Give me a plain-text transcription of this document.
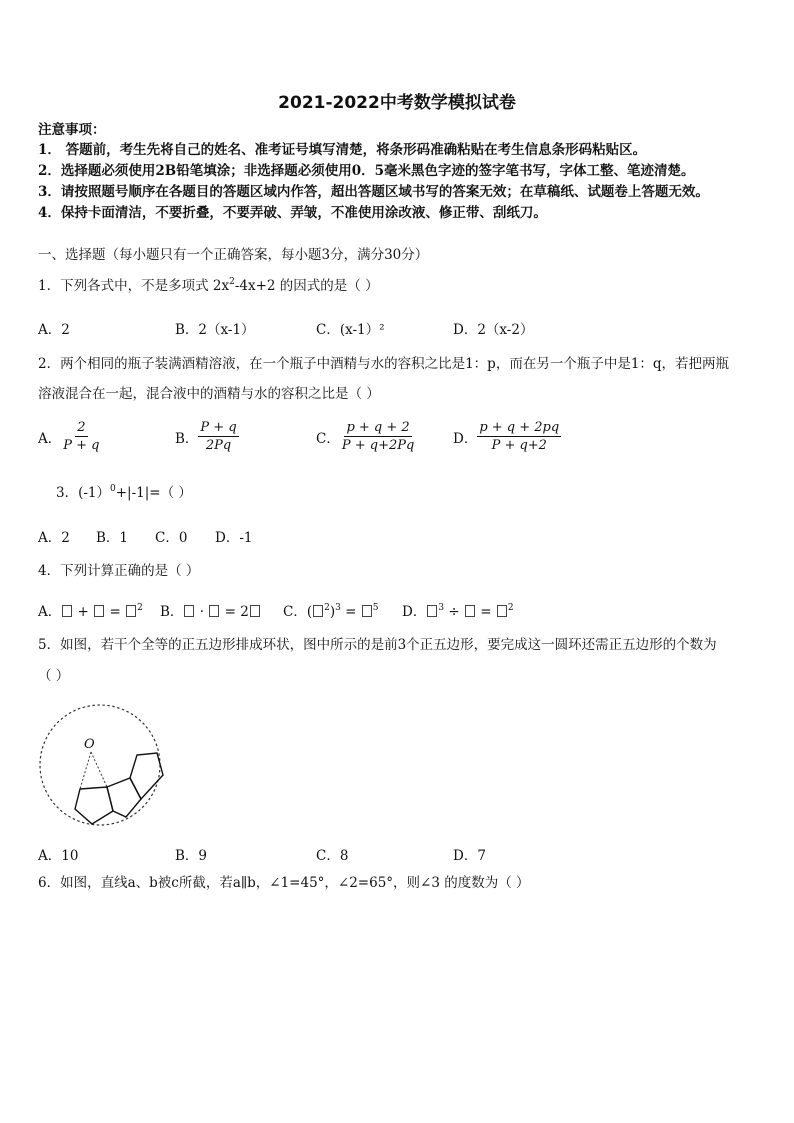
2021-2022中考数学模拟试卷
注意事项：
1． 答题前，考生先将自己的姓名、准考证号填写清楚，将条形码准确粘贴在考生信息条形码粘贴区。
2．选择题必须使用2B铅笔填涂；非选择题必须使用0．5毫米黑色字迹的签字笔书写，字体工整、笔迹清楚。
3．请按照题号顺序在各题目的答题区域内作答，超出答题区域书写的答案无效；在草稿纸、试题卷上答题无效。
4．保持卡面清洁，不要折叠，不要弄破、弄皱，不准使用涂改液、修正带、刮纸刀。
一、选择题（每小题只有一个正确答案，每小题3分，满分30分）
1．下列各式中，不是多项式 $2x^2-4x+2$ 的因式的是（ ）
A．2	B．2（x-1）	C．(x-1）²	D．2（x-2）
2．两个相同的瓶子装满酒精溶液，在一个瓶子中酒精与水的容积之比是1：p，而在另一个瓶子中是1：q，若把两瓶
溶液混合在一起，混合液中的酒精与水的容积之比是（ ）
A． $\frac{2}{P + q}$	B． $\frac{P + q}{2Pq}$	C． $\frac{p + q + 2}{P + q+2Pq}$	D． $\frac{p + q + 2pq}{P + q+2}$
3．(-1）$^0$+|-1|=（ ）
A．2 B．1 C．0 D．-1
4．下列计算正确的是（ ）
A． +  = $^2$ B． ·  = 2	C．( $^2$)$^3$ = $^5$ D． $^3$ ÷  = $^2$
5．如图，若干个全等的正五边形排成环状，图中所示的是前3个正五边形，要完成这一圆环还需正五边形的个数为
（ ）
O
A．10	B．9	C．8	D．7
6．如图，直线a、b被c所截，若a∥b，∠1=45°，∠2=65°，则∠3 的度数为（ ）
